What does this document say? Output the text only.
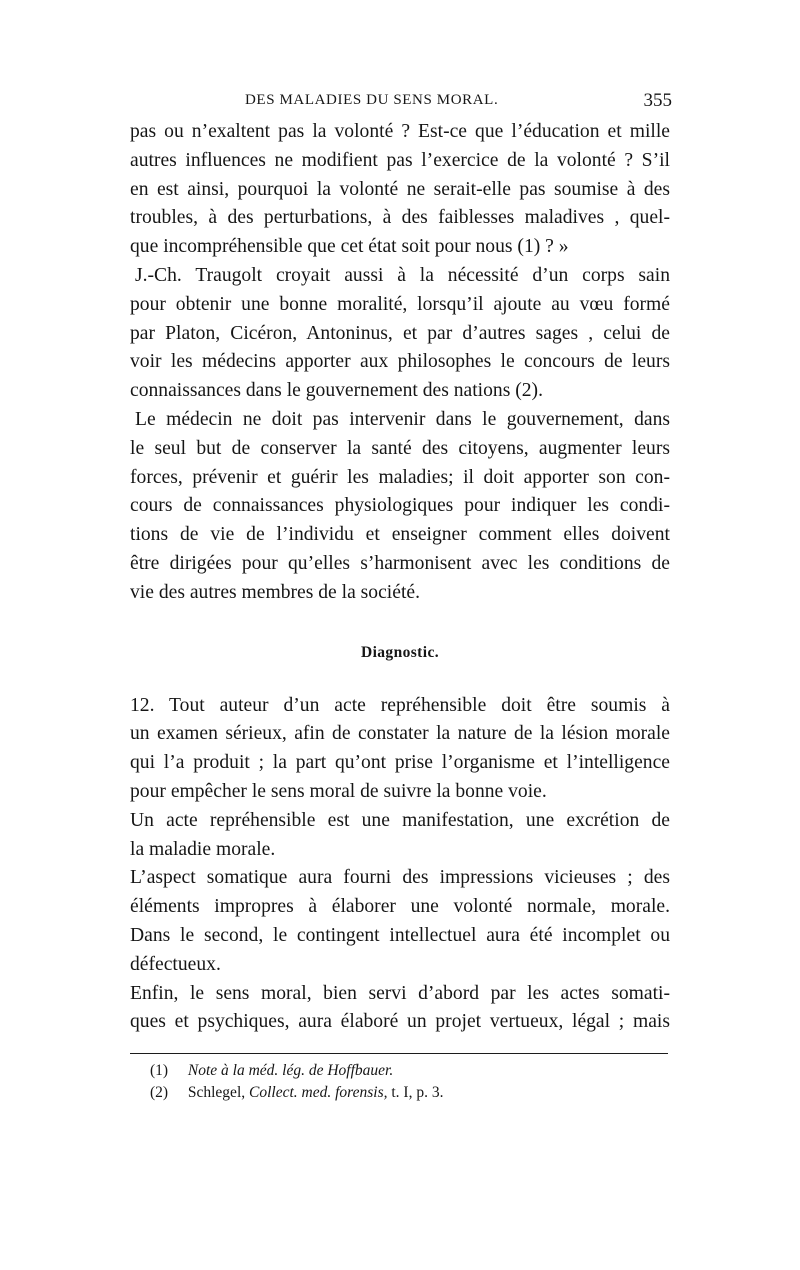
DES MALADIES DU SENS MORAL.	355
pas ou n’exaltent pas la volonté ? Est-ce que l’éducation et mille
autres influences ne modifient pas l’exercice de la volonté ? S’il
en est ainsi, pourquoi la volonté ne serait-elle pas soumise à des
troubles, à des perturbations, à des faiblesses maladives , quel-
que incompréhensible que cet état soit pour nous (1) ? »
J.-Ch. Traugolt croyait aussi à la nécessité d’un corps sain
pour obtenir une bonne moralité, lorsqu’il ajoute au vœu formé
par Platon, Cicéron, Antoninus, et par d’autres sages , celui de
voir les médecins apporter aux philosophes le concours de leurs
connaissances dans le gouvernement des nations (2).
Le médecin ne doit pas intervenir dans le gouvernement, dans
le seul but de conserver la santé des citoyens, augmenter leurs
forces, prévenir et guérir les maladies; il doit apporter son con-
cours de connaissances physiologiques pour indiquer les condi-
tions de vie de l’individu et enseigner comment elles doivent
être dirigées pour qu’elles s’harmonisent avec les conditions de
vie des autres membres de la société.
Diagnostic.
12. Tout auteur d’un acte repréhensible doit être soumis à
un examen sérieux, afin de constater la nature de la lésion morale
qui l’a produit ; la part qu’ont prise l’organisme et l’intelligence
pour empêcher le sens moral de suivre la bonne voie.
Un acte repréhensible est une manifestation, une excrétion de
la maladie morale.
L’aspect somatique aura fourni des impressions vicieuses ; des
éléments impropres à élaborer une volonté normale, morale.
Dans le second, le contingent intellectuel aura été incomplet ou
défectueux.
Enfin, le sens moral, bien servi d’abord par les actes somati-
ques et psychiques, aura élaboré un projet vertueux, légal ; mais
(1) Note à la méd. lég. de Hoffbauer.
(2) Schlegel, Collect. med. forensis, t. I, p. 3.
